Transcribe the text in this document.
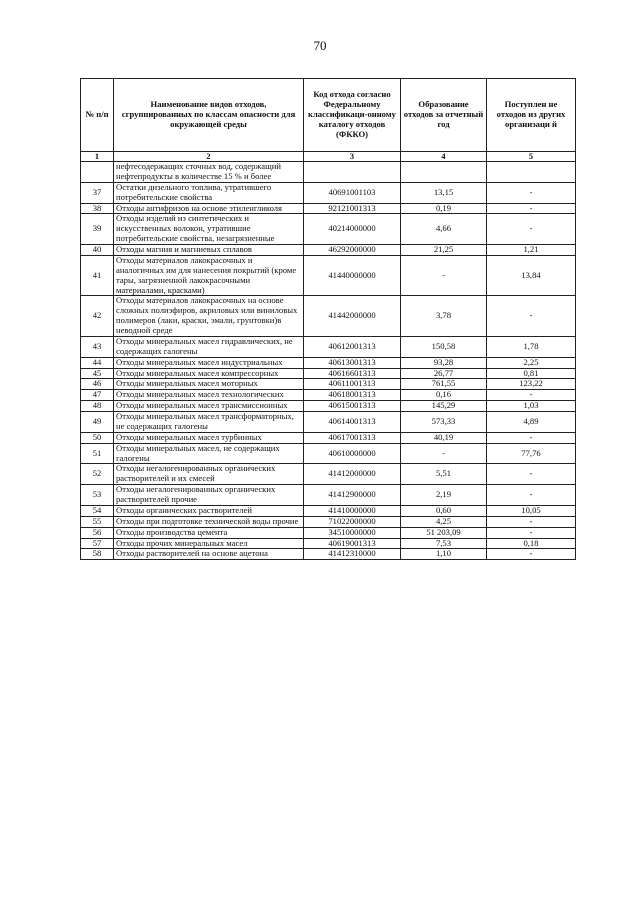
70
№ п/п	Наименование видов отходов, сгруппированных по классам опасности для окружающей среды	Код отхода согласно Федеральному классификаци-онному каталогу отходов (ФККО)	Образование отходов за отчетный год	Поступлен не отходов из других организаци й
1	2	3	4	5
	нефтесодержащих сточных вод, содержащий нефтепродукты в количестве 15 % и более			
37	Остатки дизельного топлива, утратившего потребительские свойства	40691001103	13,15	-
38	Отходы антифризов на основе этиленгликоля	92121001313	0,19	-
39	Отходы изделий из синтетических и искусственных волокон, утратившие потребительские свойства, незагрязненные	40214000000	4,66	-
40	Отходы магния и магниевых сплавов	46292000000	21,25	1,21
41	Отходы материалов лакокрасочных и аналогичных им для нанесения покрытий (кроме тары, загрязненной лакокрасочными материалами, красками)	41440000000	-	13,84
42	Отходы материалов лакокрасочных на основе сложных полиэфиров, акриловых или виниловых полимеров (лаки, краски, эмали, грунтовки)в неводной среде	41442000000	3,78	-
43	Отходы минеральных масел гидравлических, не содержащих галогены	40612001313	150,58	1,78
44	Отходы минеральных масел индустриальных	40613001313	93,28	2,25
45	Отходы минеральных масел компрессорных	40616601313	26,77	0,81
46	Отходы минеральных масел моторных	40611001313	761,55	123,22
47	Отходы минеральных масел технологических	40618001313	0,16	-
48	Отходы минеральных масел трансмиссионных	40615001313	145,29	1,03
49	Отходы минеральных масел трансформаторных, не содержащих галогены	40614001313	573,33	4,89
50	Отходы минеральных масел турбинных	40617001313	40,19	-
51	Отходы минеральных масел, не содержащих галогены	40610000000	-	77,76
52	Отходы негалогенированных органических растворителей и их смесей	41412000000	5,51	-
53	Отходы негалогенированных органических растворителей прочие	41412900000	2,19	-
54	Отходы органических растворителей	41410000000	0,60	10,05
55	Отходы при подготовке технической воды прочие	71022000000	4,25	-
56	Отходы производства цемента	34510000000	51 203,09	-
57	Отходы прочих минеральных масел	40619001313	7,53	0,18
58	Отходы растворителей на основе ацетона	41412310000	1,10	-
